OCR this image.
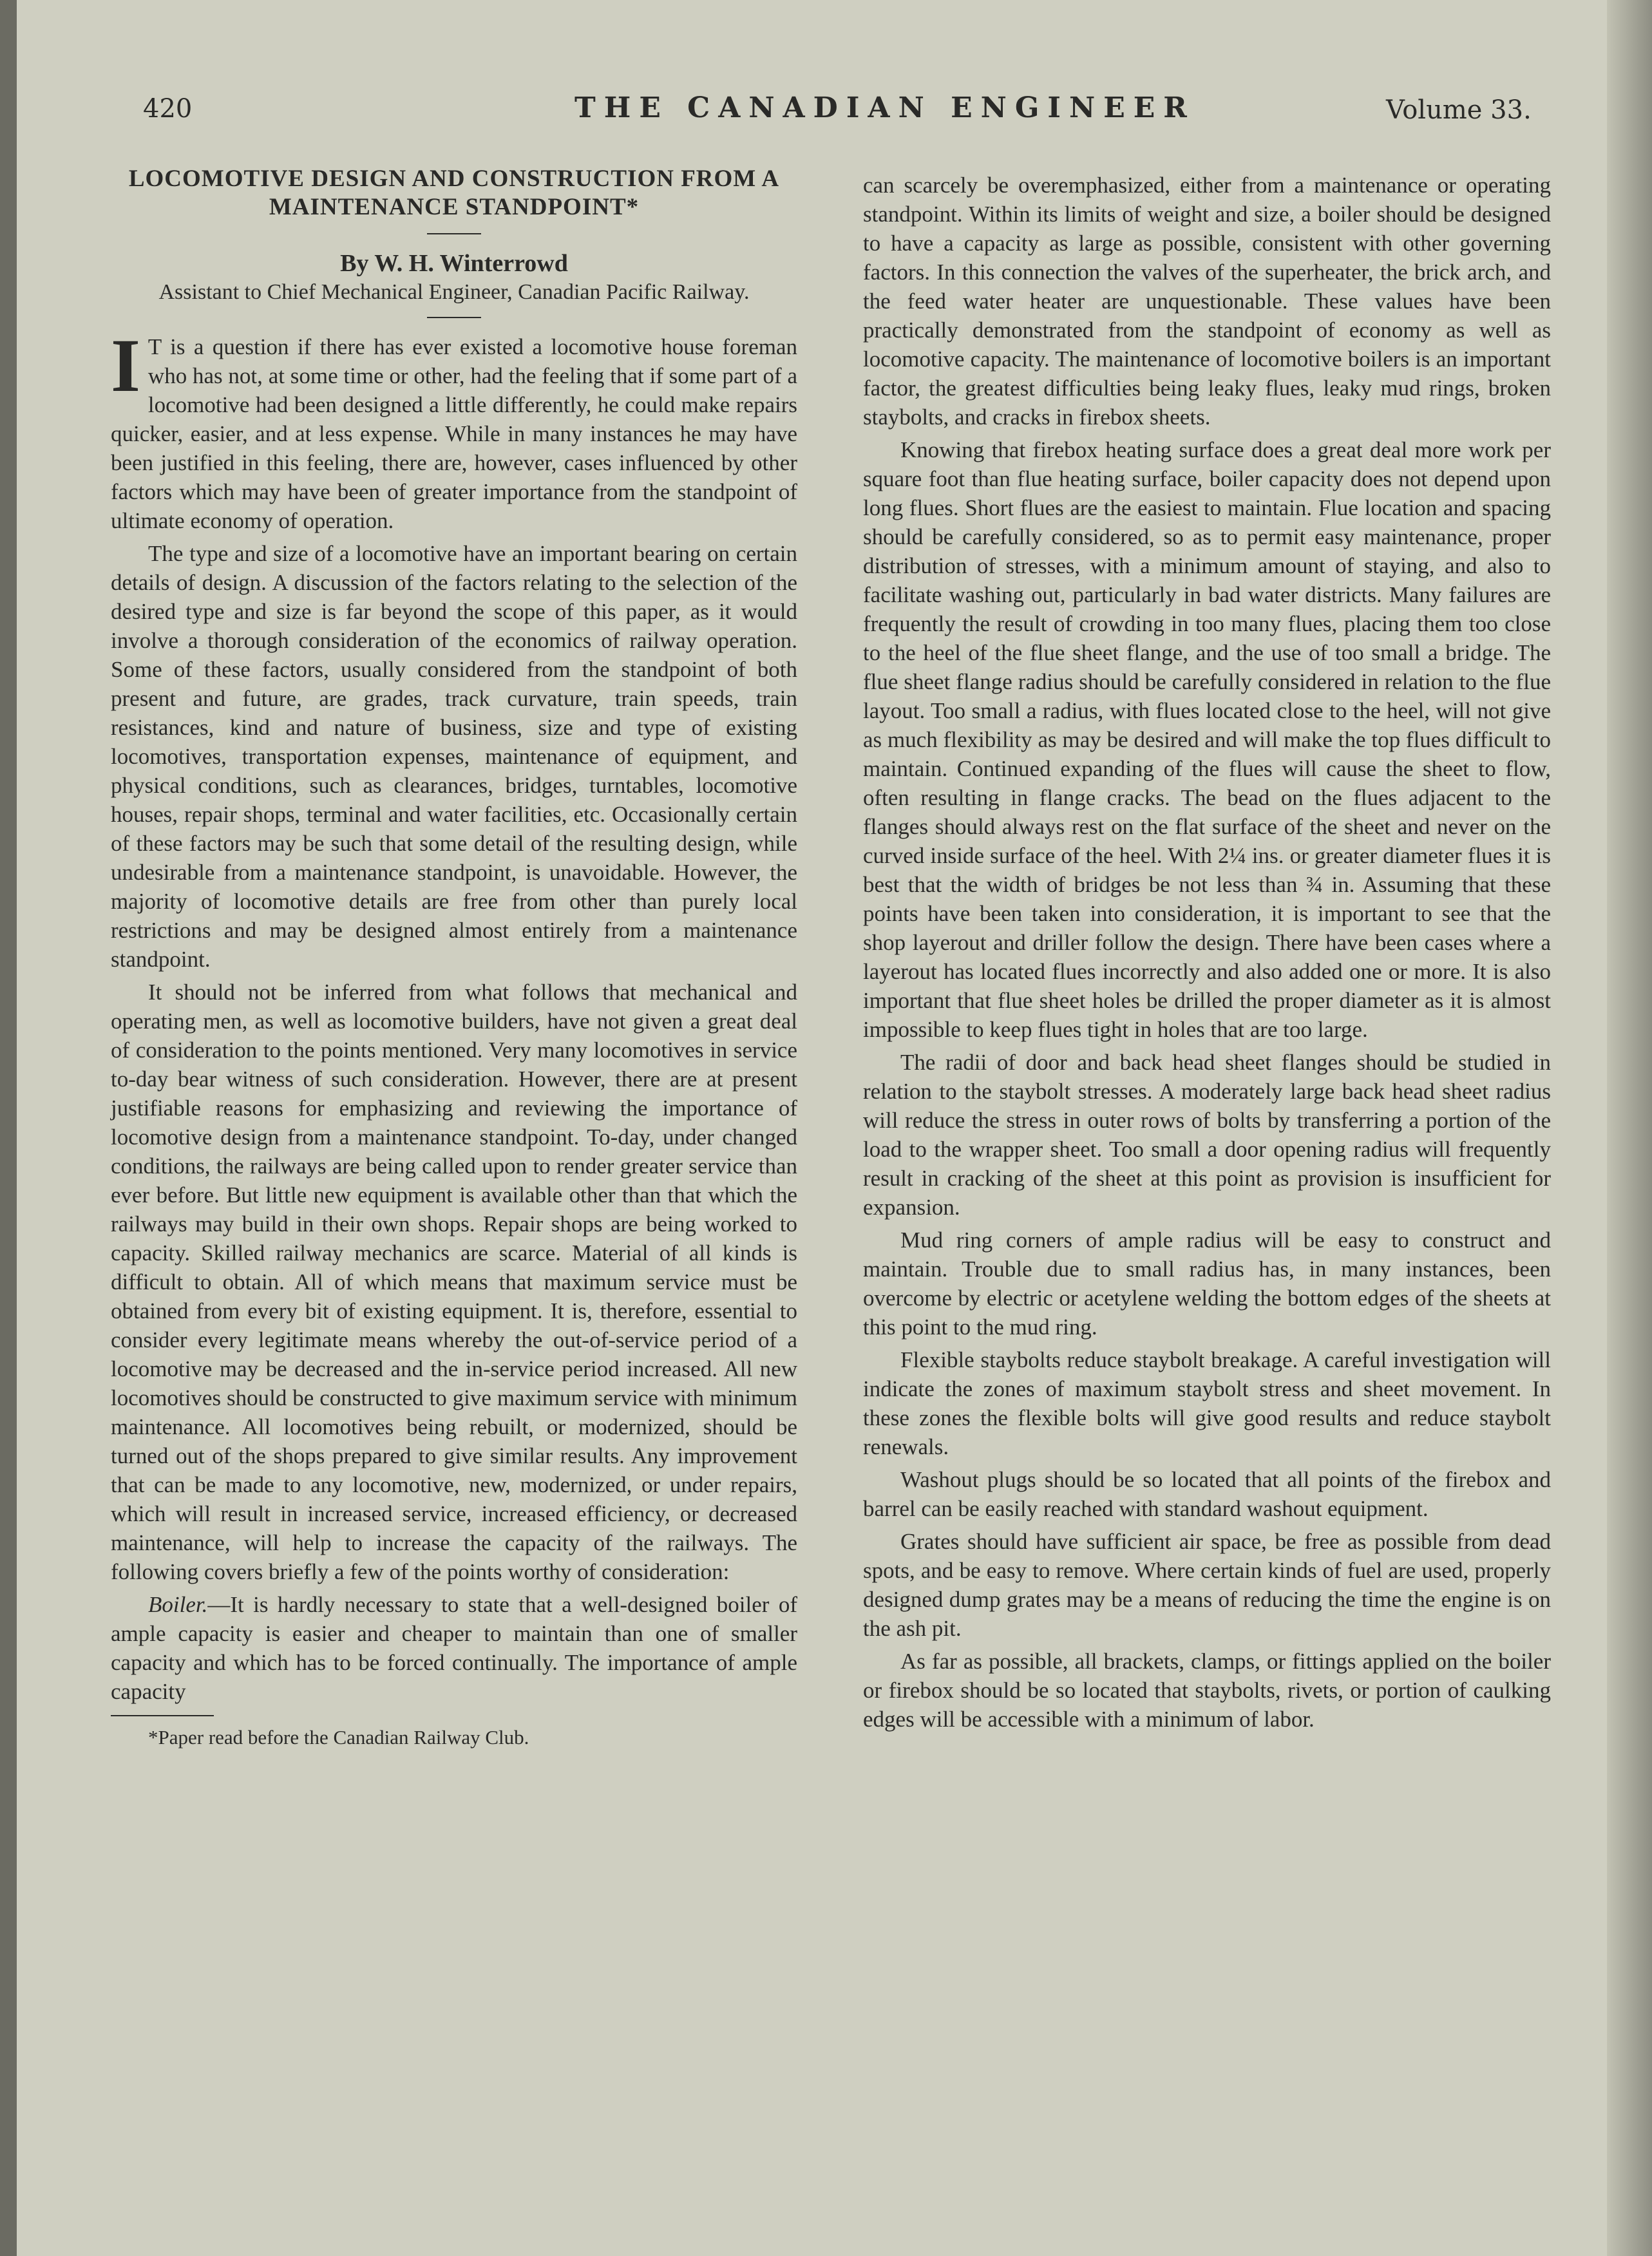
420	THE CANADIAN ENGINEER	Volume 33.
LOCOMOTIVE DESIGN AND CONSTRUCTION FROM A MAINTENANCE STANDPOINT*
By W. H. Winterrowd
Assistant to Chief Mechanical Engineer, Canadian Pacific Railway.

I T is a question if there has ever existed a locomotive house foreman who has not, at some time or other, had the feeling that if some part of a locomotive had been designed a little differently, he could make repairs quicker, easier, and at less expense. While in many instances he may have been justified in this feeling, there are, however, cases influenced by other factors which may have been of greater importance from the standpoint of ultimate economy of operation.

The type and size of a locomotive have an important bearing on certain details of design. A discussion of the factors relating to the selection of the desired type and size is far beyond the scope of this paper, as it would involve a thorough consideration of the economics of railway operation. Some of these factors, usually considered from the standpoint of both present and future, are grades, track curvature, train speeds, train resistances, kind and nature of business, size and type of existing locomotives, transportation expenses, maintenance of equipment, and physical conditions, such as clearances, bridges, turntables, locomotive houses, repair shops, terminal and water facilities, etc. Occasionally certain of these factors may be such that some detail of the resulting design, while undesirable from a maintenance standpoint, is unavoidable. However, the majority of locomotive details are free from other than purely local restrictions and may be designed almost entirely from a maintenance standpoint.

It should not be inferred from what follows that mechanical and operating men, as well as locomotive builders, have not given a great deal of consideration to the points mentioned. Very many locomotives in service to-day bear witness of such consideration. However, there are at present justifiable reasons for emphasizing and reviewing the importance of locomotive design from a maintenance standpoint. To-day, under changed conditions, the railways are being called upon to render greater service than ever before. But little new equipment is available other than that which the railways may build in their own shops. Repair shops are being worked to capacity. Skilled railway mechanics are scarce. Material of all kinds is difficult to obtain. All of which means that maximum service must be obtained from every bit of existing equipment. It is, therefore, essential to consider every legitimate means whereby the out-of-service period of a locomotive may be decreased and the in-service period increased. All new locomotives should be constructed to give maximum service with minimum maintenance. All locomotives being rebuilt, or modernized, should be turned out of the shops prepared to give similar results. Any improvement that can be made to any locomotive, new, modernized, or under repairs, which will result in increased service, increased efficiency, or decreased maintenance, will help to increase the capacity of the railways. The following covers briefly a few of the points worthy of consideration:

Boiler.—It is hardly necessary to state that a well-designed boiler of ample capacity is easier and cheaper to maintain than one of smaller capacity and which has to be forced continually. The importance of ample capacity

*Paper read before the Canadian Railway Club.

can scarcely be overemphasized, either from a maintenance or operating standpoint. Within its limits of weight and size, a boiler should be designed to have a capacity as large as possible, consistent with other governing factors. In this connection the valves of the superheater, the brick arch, and the feed water heater are unquestionable. These values have been practically demonstrated from the standpoint of economy as well as locomotive capacity. The maintenance of locomotive boilers is an important factor, the greatest difficulties being leaky flues, leaky mud rings, broken staybolts, and cracks in firebox sheets.

Knowing that firebox heating surface does a great deal more work per square foot than flue heating surface, boiler capacity does not depend upon long flues. Short flues are the easiest to maintain. Flue location and spacing should be carefully considered, so as to permit easy maintenance, proper distribution of stresses, with a minimum amount of staying, and also to facilitate washing out, particularly in bad water districts. Many failures are frequently the result of crowding in too many flues, placing them too close to the heel of the flue sheet flange, and the use of too small a bridge. The flue sheet flange radius should be carefully considered in relation to the flue layout. Too small a radius, with flues located close to the heel, will not give as much flexibility as may be desired and will make the top flues difficult to maintain. Continued expanding of the flues will cause the sheet to flow, often resulting in flange cracks. The bead on the flues adjacent to the flanges should always rest on the flat surface of the sheet and never on the curved inside surface of the heel. With 2¼ ins. or greater diameter flues it is best that the width of bridges be not less than ¾ in. Assuming that these points have been taken into consideration, it is important to see that the shop layerout and driller follow the design. There have been cases where a layerout has located flues incorrectly and also added one or more. It is also important that flue sheet holes be drilled the proper diameter as it is almost impossible to keep flues tight in holes that are too large.

The radii of door and back head sheet flanges should be studied in relation to the staybolt stresses. A moderately large back head sheet radius will reduce the stress in outer rows of bolts by transferring a portion of the load to the wrapper sheet. Too small a door opening radius will frequently result in cracking of the sheet at this point as provision is insufficient for expansion.

Mud ring corners of ample radius will be easy to construct and maintain. Trouble due to small radius has, in many instances, been overcome by electric or acetylene welding the bottom edges of the sheets at this point to the mud ring.

Flexible staybolts reduce staybolt breakage. A careful investigation will indicate the zones of maximum staybolt stress and sheet movement. In these zones the flexible bolts will give good results and reduce staybolt renewals.

Washout plugs should be so located that all points of the firebox and barrel can be easily reached with standard washout equipment.

Grates should have sufficient air space, be free as possible from dead spots, and be easy to remove. Where certain kinds of fuel are used, properly designed dump grates may be a means of reducing the time the engine is on the ash pit.

As far as possible, all brackets, clamps, or fittings applied on the boiler or firebox should be so located that staybolts, rivets, or portion of caulking edges will be accessible with a minimum of labor.
